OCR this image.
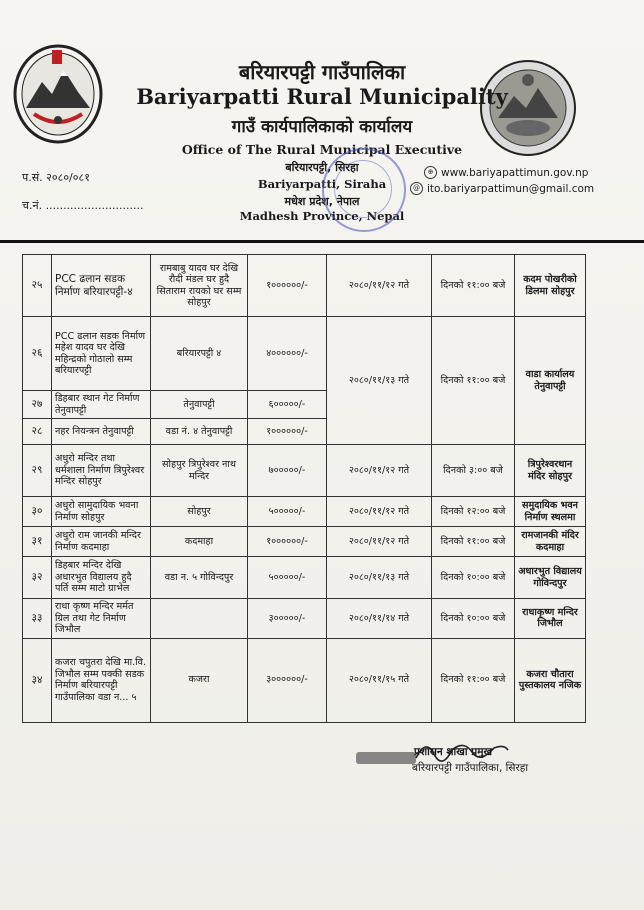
बरियारपट्टी गाउँपालिका
Bariyarpatti Rural Municipality
गाउँ कार्यपालिकाको कार्यालय
Office of The Rural Municipal Executive
बरियारपट्टी, सिरहा
Bariyarpatti, Siraha
मधेश प्रदेश, नेपाल
Madhesh Province, Nepal
प.सं. २०८०/०८१
च.नं. ............................
⊕ www.bariyapattimun.gov.np
@ ito.bariyarpattimun@gmail.com
२५	PCC ढलान सडक निर्माण बरियारपट्टी-४	रामबाबु यादव घर देखि रौदी मंडल घर हुदै सिताराम रायको घर सम्म सोहपुर	१००००००/-	२०८०/११/१२ गते	दिनको ११:०० बजे	कदम पोखरीको डिलमा सोहपुर
२६	PCC ढलान सडक निर्माण महेश यादव घर देखि महिन्द्रको गोठालो सम्म बरियारपट्टी	बरियारपट्टी ४	४००००००/-	२०८०/११/१३ गते	दिनको ११:०० बजे	वाडा कार्यालय तेनुवापट्टी
२७	डिहबार स्थान गेट निर्माण तेनुवापट्टी	तेनुवापट्टी	६०००००/-			
२८	नहर नियन्त्रन तेनुवापट्टी	वडा नं. ४ तेनुवापट्टी	१००००००/-			
२९	अधुरो मन्दिर तथा धर्मशाला निर्माण त्रिपुरेश्वर मन्दिर सोहपुर	सोहपुर त्रिपुरेश्वर नाथ मन्दिर	७०००००/-	२०८०/११/१२ गते	दिनको ३:०० बजे	त्रिपुरेश्वरथान मंदिर सोहपुर
३०	अधुरो सामुदायिक भवना निर्माण सोहपुर	सोहपुर	५०००००/-	२०८०/११/१२ गते	दिनको १२:०० बजे	समुदायिक भवन निर्माण स्थलमा
३१	अधुरो राम जानकी मन्दिर निर्माण कदमाहा	कदमाहा	१००००००/-	२०८०/११/१२ गते	दिनको ११:०० बजे	रामजानकी मंदिर कदमाहा
३२	डिहबार मन्दिर देखि अधारभुत विद्यालय हुदै पर्ति सम्म माटो ग्राभेल	वडा न. ५ गोविन्दपुर	५०००००/-	२०८०/११/१३ गते	दिनको १०:०० बजे	अधारभुत विद्यालय गोविन्दपुर
३३	राधा कृष्ण मन्दिर मर्मत ग्रिल तथा गेट निर्माण जिभौल		३०००००/-	२०८०/११/१४ गते	दिनको १०:०० बजे	राधाकृष्ण मन्दिर जिभौल
३४	कजरा चपुतरा देखि मा.वि. जिभौल सम्म पक्की सडक निर्माण बरियारपट्टी गाउँपालिका वडा न... ५	कजरा	३००००००/-	२०८०/११/१५ गते	दिनको ११:०० बजे	कजरा चौतारा पुस्तकालय नजिक
प्रशासन शाखा प्रमुख
बरियारपट्टी गाउँपालिका, सिरहा
